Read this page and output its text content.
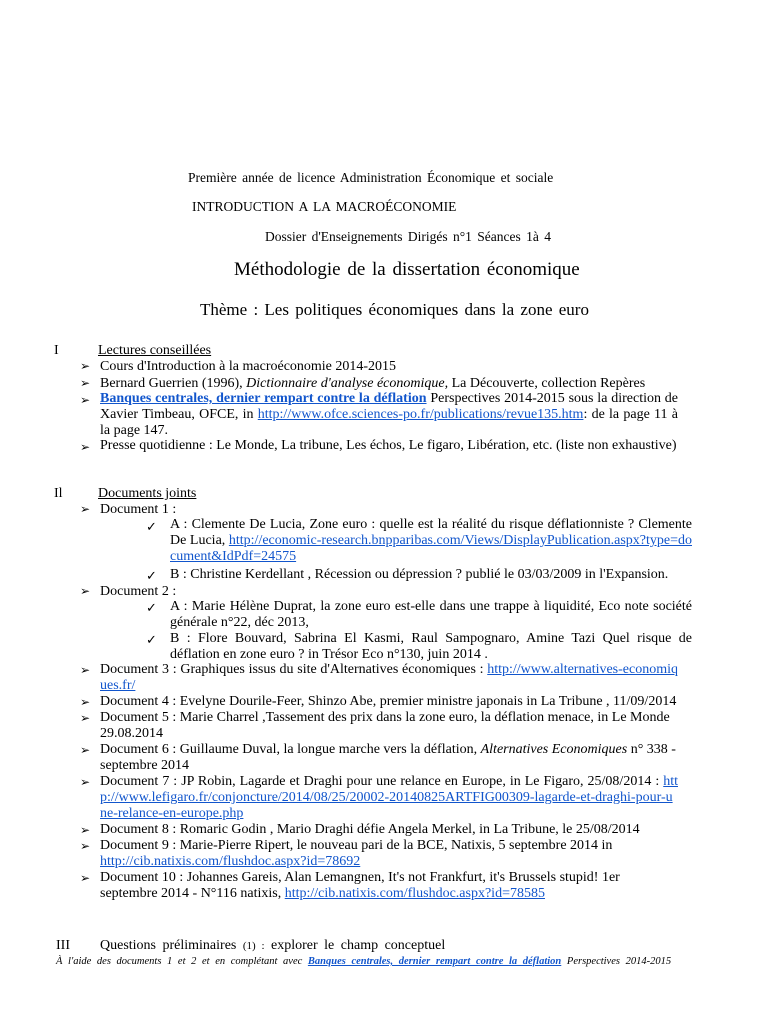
Première année de licence Administration Économique et sociale
INTRODUCTION A LA MACROÉCONOMIE
Dossier d'Enseignements Dirigés n°1 Séances 1à 4
Méthodologie de la dissertation économique
Thème : Les politiques économiques dans la zone euro
I	Lectures conseillées
➢ Cours d'Introduction à la macroéconomie 2014-2015
➢ Bernard Guerrien (1996), Dictionnaire d'analyse économique, La Découverte, collection Repères
➢ Banques centrales, dernier rempart contre la déflation Perspectives 2014-2015 sous la direction de Xavier Timbeau, OFCE, in http://www.ofce.sciences-po.fr/publications/revue135.htm: de la page 11 à la page 147.
➢ Presse quotidienne : Le Monde, La tribune, Les échos, Le figaro, Libération, etc. (liste non exhaustive)
Il	Documents joints
➢ Document 1 :
✓ A : Clemente De Lucia, Zone euro : quelle est la réalité du risque déflationniste ? Clemente De Lucia, http://economic-research.bnpparibas.com/Views/DisplayPublication.aspx?type=document&IdPdf=24575
✓ B : Christine Kerdellant , Récession ou dépression ? publié le 03/03/2009 in l'Expansion.
➢ Document 2 :
✓ A : Marie Hélène Duprat, la zone euro est-elle dans une trappe à liquidité, Eco note société générale n°22, déc 2013,
✓ B : Flore Bouvard, Sabrina El Kasmi, Raul Sampognaro, Amine Tazi Quel risque de déflation en zone euro ? in Trésor Eco n°130, juin 2014 .
➢ Document 3 : Graphiques issus du site d'Alternatives économiques : http://www.alternatives-economiques.fr/
➢ Document 4 : Evelyne Dourile-Feer, Shinzo Abe, premier ministre japonais in La Tribune , 11/09/2014
➢ Document 5 : Marie Charrel ,Tassement des prix dans la zone euro, la déflation menace, in Le Monde 29.08.2014
➢ Document 6 : Guillaume Duval, la longue marche vers la déflation, Alternatives Economiques n° 338 - septembre 2014
➢ Document 7 : JP Robin, Lagarde et Draghi pour une relance en Europe, in Le Figaro, 25/08/2014 : http://www.lefigaro.fr/conjoncture/2014/08/25/20002-20140825ARTFIG00309-lagarde-et-draghi-pour-une-relance-en-europe.php
➢ Document 8 : Romaric Godin , Mario Draghi défie Angela Merkel, in La Tribune, le 25/08/2014
➢ Document 9 : Marie-Pierre Ripert, le nouveau pari de la BCE, Natixis, 5 septembre 2014 in http://cib.natixis.com/flushdoc.aspx?id=78692
➢ Document 10 : Johannes Gareis, Alan Lemangnen, It's not Frankfurt, it's Brussels stupid! 1er septembre 2014 - N°116 natixis, http://cib.natixis.com/flushdoc.aspx?id=78585
III Questions préliminaires (1) : explorer le champ conceptuel
À l'aide des documents 1 et 2 et en complétant avec Banques centrales, dernier rempart contre la déflation Perspectives 2014-2015
